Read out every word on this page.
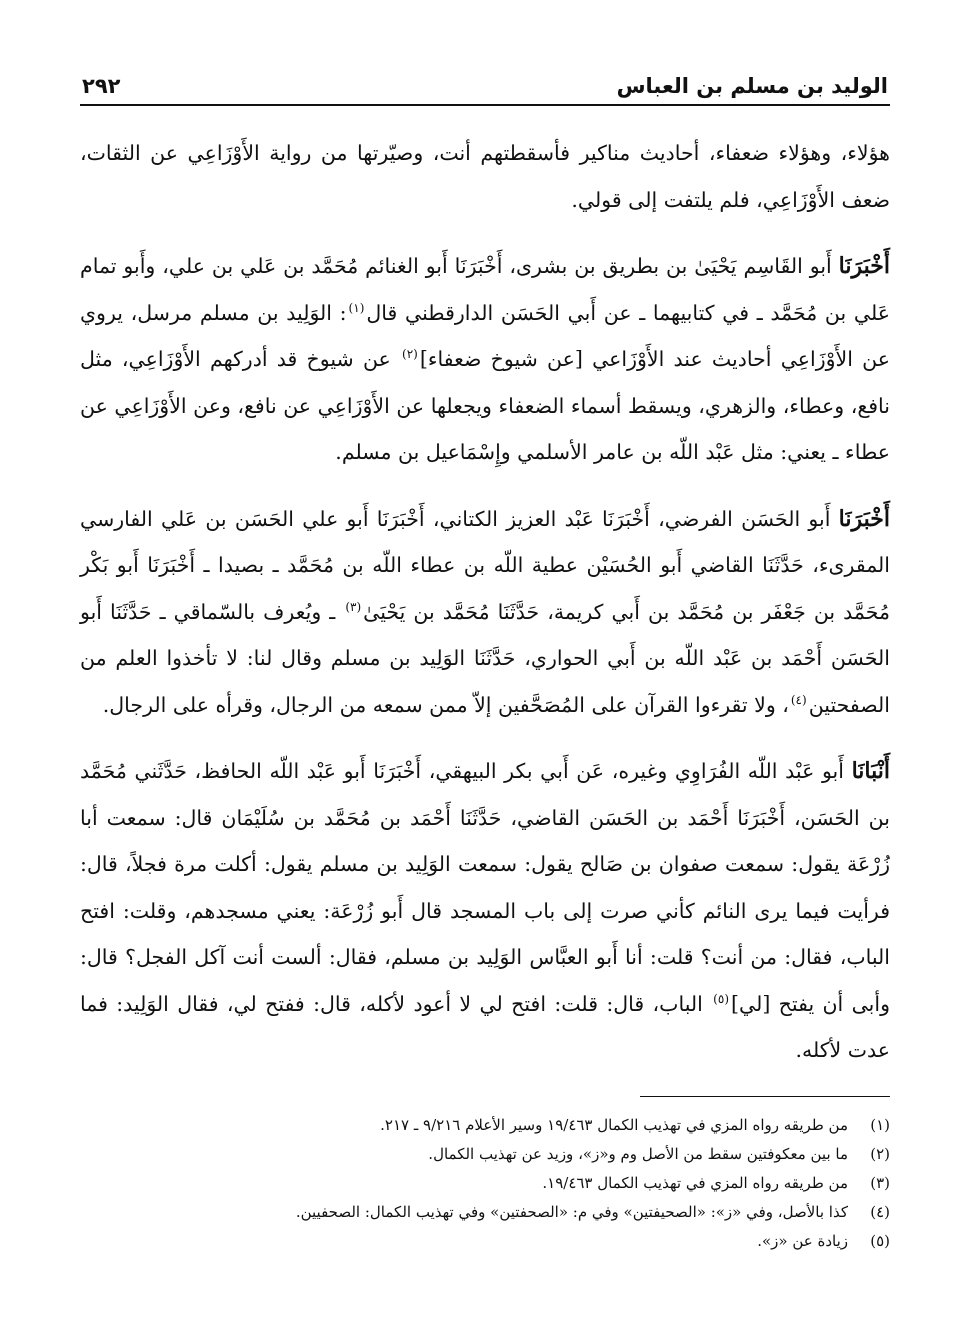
الوليد بن مسلم بن العباس
٢٩٢

هؤلاء، وهؤلاء ضعفاء، أحاديث مناكير فأسقطتهم أنت، وصيّرتها من رواية الأَوْزَاعِي عن الثقات، ضعف الأَوْزَاعِي، فلم يلتفت إلى قولي.

أَخْبَرَنَا أَبو القَاسِم يَحْيَىٰ بن بطريق بن بشرى، أَخْبَرَنَا أَبو الغنائم مُحَمَّد بن عَلي بن علي، وأَبو تمام عَلي بن مُحَمَّد ـ في كتابيهما ـ عن أَبي الحَسَن الدارقطني قال$^{(١)}$: الوَلِيد بن مسلم مرسل، يروي عن الأَوْزَاعِي أحاديث عند الأَوْزَاعي [عن شيوخ ضعفاء]$^{(٢)}$ عن شيوخ قد أدركهم الأَوْزَاعِي، مثل نافع، وعطاء، والزهري، ويسقط أسماء الضعفاء ويجعلها عن الأَوْزَاعِي عن نافع، وعن الأَوْزَاعِي عن عطاء ـ يعني: مثل عَبْد اللّه بن عامر الأسلمي وإِسْمَاعيل بن مسلم.

أَخْبَرَنَا أَبو الحَسَن الفرضي، أَخْبَرَنَا عَبْد العزيز الكتاني، أَخْبَرَنَا أَبو علي الحَسَن بن عَلي الفارسي المقرىء، حَدَّثَنَا القاضي أَبو الحُسَيْن عطية اللّه بن عطاء اللّه بن مُحَمَّد ـ بصيدا ـ أَخْبَرَنَا أَبو بَكْر مُحَمَّد بن جَعْفَر بن مُحَمَّد بن أَبي كريمة، حَدَّثَنَا مُحَمَّد بن يَحْيَىٰ$^{(٣)}$ ـ ويُعرف بالسّماقي ـ حَدَّثَنَا أَبو الحَسَن أَحْمَد بن عَبْد اللّه بن أَبي الحواري، حَدَّثَنَا الوَلِيد بن مسلم وقال لنا: لا تأخذوا العلم من الصفحتين$^{(٤)}$، ولا تقرءوا القرآن على المُصَحَّفين إلاّ ممن سمعه من الرجال، وقرأه على الرجال.

أَنْبَانَا أَبو عَبْد اللّه الفُرَاوِي وغيره، عَن أَبي بكر البيهقي، أَخْبَرَنَا أَبو عَبْد اللّه الحافظ، حَدَّثَني مُحَمَّد بن الحَسَن، أَخْبَرَنَا أَحْمَد بن الحَسَن القاضي، حَدَّثَنَا أَحْمَد بن مُحَمَّد بن سُلَيْمَان قال: سمعت أبا زُرْعَة يقول: سمعت صفوان بن صَالح يقول: سمعت الوَلِيد بن مسلم يقول: أكلت مرة فجلاً، قال: فرأيت فيما يرى النائم كأني صرت إلى باب المسجد قال أَبو زُرْعَة: يعني مسجدهم، وقلت: افتح الباب، فقال: من أنت؟ قلت: أنا أَبو العبَّاس الوَلِيد بن مسلم، فقال: ألست أنت آكل الفجل؟ قال: وأبى أن يفتح [لي]$^{(٥)}$ الباب، قال: قلت: افتح لي لا أعود لأكله، قال: ففتح لي، فقال الوَلِيد: فما عدت لأكله.

(١)
من طريقه رواه المزي في تهذيب الكمال ١٩/٤٦٣ وسير الأعلام ٩/٢١٦ ـ ٢١٧.
(٢)
ما بين معكوفتين سقط من الأصل وم و«ز»، وزيد عن تهذيب الكمال.
(٣)
من طريقه رواه المزي في تهذيب الكمال ١٩/٤٦٣.
(٤)
كذا بالأصل، وفي «ز»: «الصحيفتين» وفي م: «الصحفتين» وفي تهذيب الكمال: الصحفيين.
(٥)
زيادة عن «ز».
